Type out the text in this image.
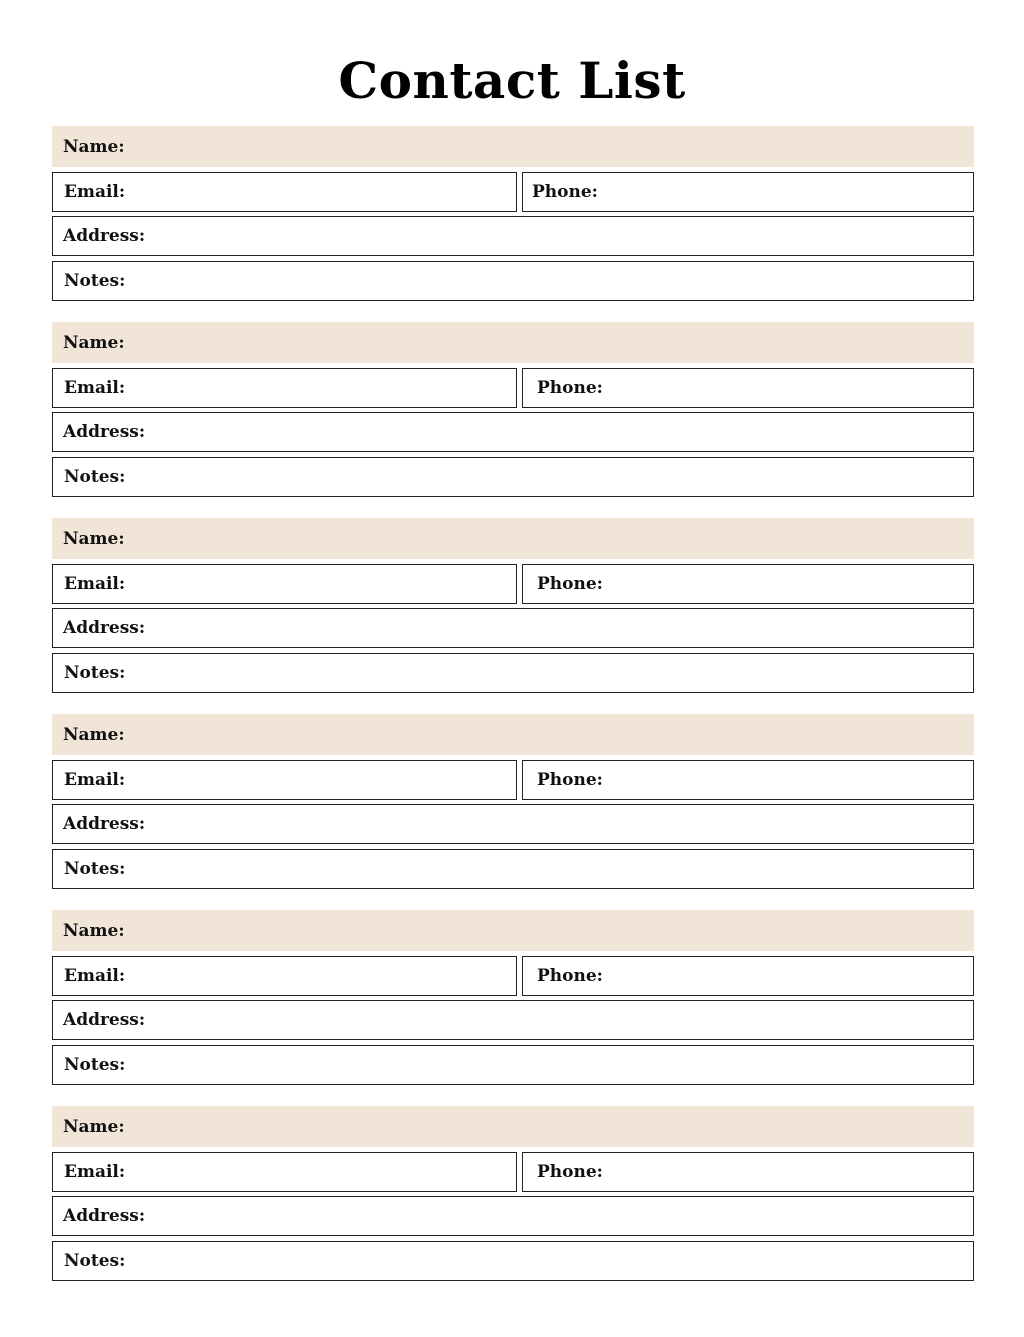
Contact List
Name:
Email:	Phone:
Address:
Notes:
Name:
Email:	Phone:
Address:
Notes:
Name:
Email:	Phone:
Address:
Notes:
Name:
Email:	Phone:
Address:
Notes:
Name:
Email:	Phone:
Address:
Notes:
Name:
Email:	Phone:
Address:
Notes:
